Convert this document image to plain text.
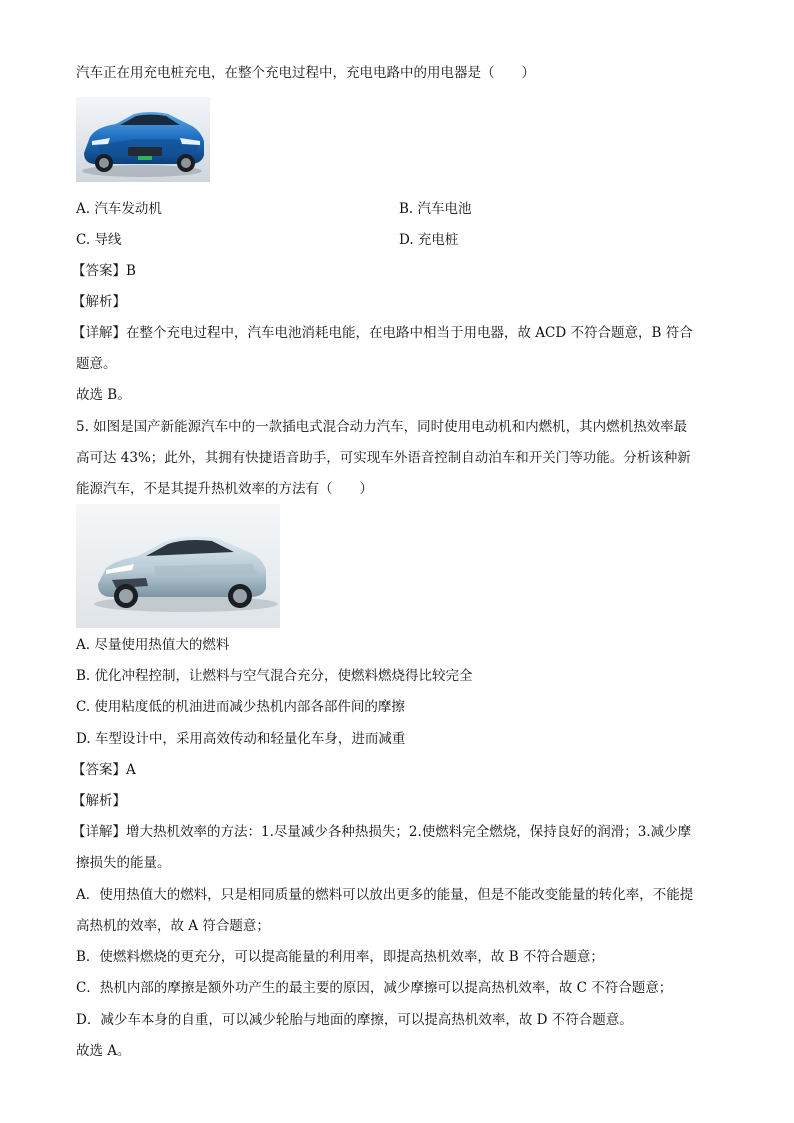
汽车正在用充电桩充电，在整个充电过程中，充电电路中的用电器是（　　）
A. 汽车发动机	B. 汽车电池
C. 导线	D. 充电桩
【答案】B
【解析】
【详解】在整个充电过程中，汽车电池消耗电能，在电路中相当于用电器，故 ACD 不符合题意，B 符合
题意。
故选 B。
5. 如图是国产新能源汽车中的一款插电式混合动力汽车，同时使用电动机和内燃机，其内燃机热效率最
高可达 43%；此外，其拥有快捷语音助手，可实现车外语音控制自动泊车和开关门等功能。分析该种新
能源汽车，不是其提升热机效率的方法有（　　）
A. 尽量使用热值大的燃料
B. 优化冲程控制，让燃料与空气混合充分，使燃料燃烧得比较完全
C. 使用粘度低的机油进而减少热机内部各部件间的摩擦
D. 车型设计中，采用高效传动和轻量化车身，进而减重
【答案】A
【解析】
【详解】增大热机效率的方法：1.尽量减少各种热损失；2.使燃料完全燃烧，保持良好的润滑；3.减少摩
擦损失的能量。
A．使用热值大的燃料，只是相同质量的燃料可以放出更多的能量，但是不能改变能量的转化率，不能提
高热机的效率，故 A 符合题意；
B．使燃料燃烧的更充分，可以提高能量的利用率，即提高热机效率，故 B 不符合题意；
C．热机内部的摩擦是额外功产生的最主要的原因，减少摩擦可以提高热机效率，故 C 不符合题意；
D．减少车本身的自重，可以减少轮胎与地面的摩擦，可以提高热机效率，故 D 不符合题意。
故选 A。
